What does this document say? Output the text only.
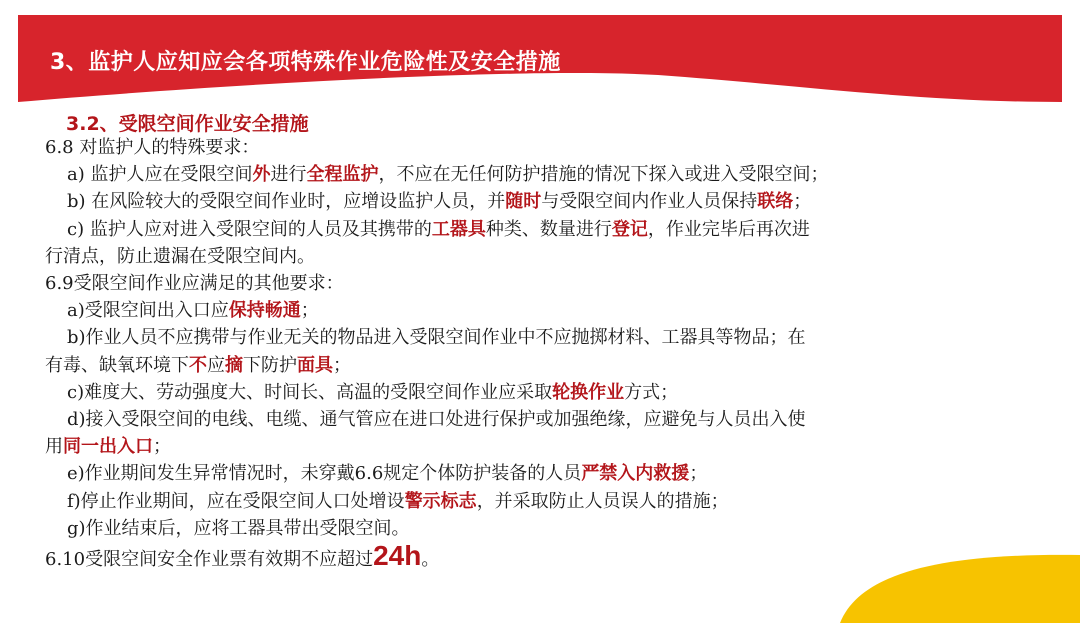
3、监护人应知应会各项特殊作业危险性及安全措施
3.2、受限空间作业安全措施
6.8 对监护人的特殊要求：
a) 监护人应在受限空间外进行全程监护，不应在无任何防护措施的情况下探入或进入受限空间；
b) 在风险较大的受限空间作业时，应增设监护人员，并随时与受限空间内作业人员保持联络；
c) 监护人应对进入受限空间的人员及其携带的工器具种类、数量进行登记，作业完毕后再次进
行清点，防止遗漏在受限空间内。
6.9受限空间作业应满足的其他要求：
a)受限空间出入口应保持畅通；
b)作业人员不应携带与作业无关的物品进入受限空间作业中不应抛掷材料、工器具等物品；在
有毒、缺氧环境下不应摘下防护面具；
c)难度大、劳动强度大、时间长、高温的受限空间作业应采取轮换作业方式；
d)接入受限空间的电线、电缆、通气管应在进口处进行保护或加强绝缘，应避免与人员出入使
用同一出入口；
e)作业期间发生异常情况时，未穿戴6.6规定个体防护装备的人员严禁入内救援；
f)停止作业期间，应在受限空间人口处增设警示标志，并采取防止人员误人的措施；
g)作业结束后，应将工器具带出受限空间。
6.10受限空间安全作业票有效期不应超过24h。
